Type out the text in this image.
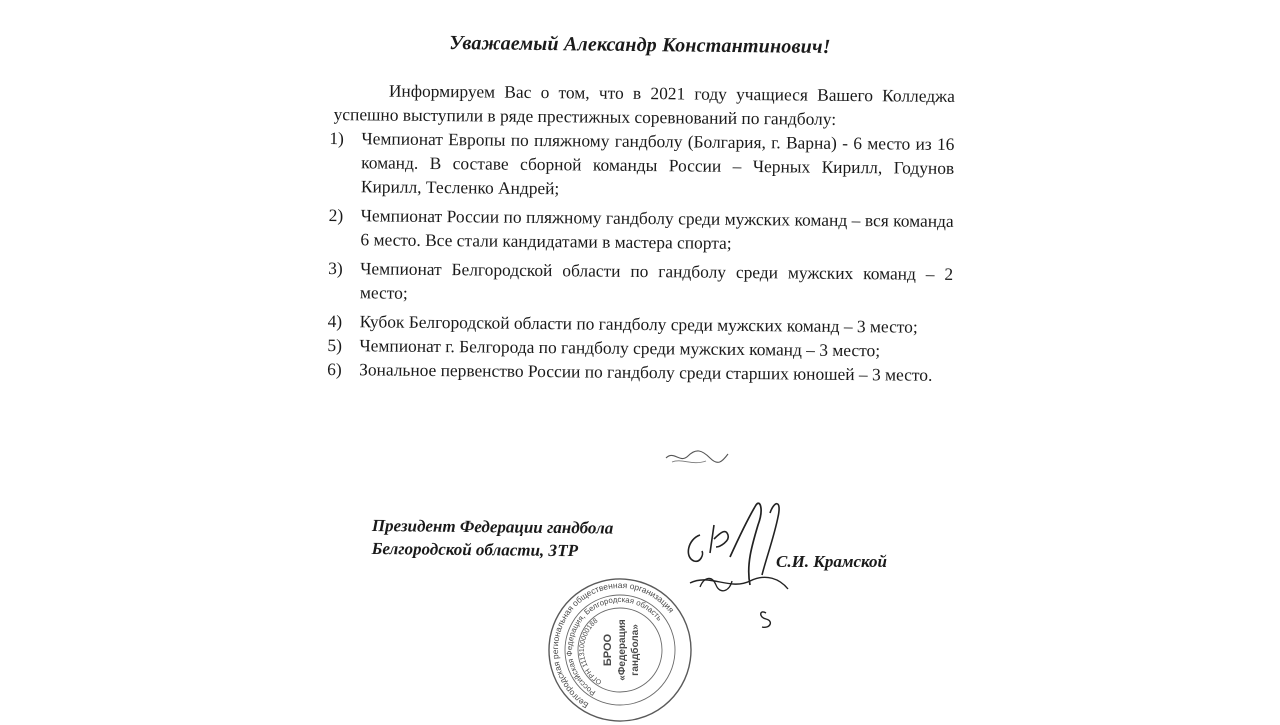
Уважаемый Александр Константинович!

Информируем Вас о том, что в 2021 году учащиеся Вашего Колледжа успешно выступили в ряде престижных соревнований по гандболу:

1) Чемпионат Европы по пляжному гандболу (Болгария, г. Варна) - 6 место из 16 команд. В составе сборной команды России – Черных Кирилл, Годунов Кирилл, Тесленко Андрей;
2) Чемпионат России по пляжному гандболу среди мужских команд – вся команда 6 место. Все стали кандидатами в мастера спорта;
3) Чемпионат Белгородской области по гандболу среди мужских команд – 2 место;
4) Кубок Белгородской области по гандболу среди мужских команд – 3 место;
5) Чемпионат г. Белгорода по гандболу среди мужских команд – 3 место;
6) Зональное первенство России по гандболу среди старших юношей – 3 место.
Президент Федерации гандбола
Белгородской области, ЗТР
С.И. Крамской
Белгородская региональная общественная организация
Российская Федерация, Белгородская область
ОГРН 1113100000188
БРОО «Федерация гандбола»
